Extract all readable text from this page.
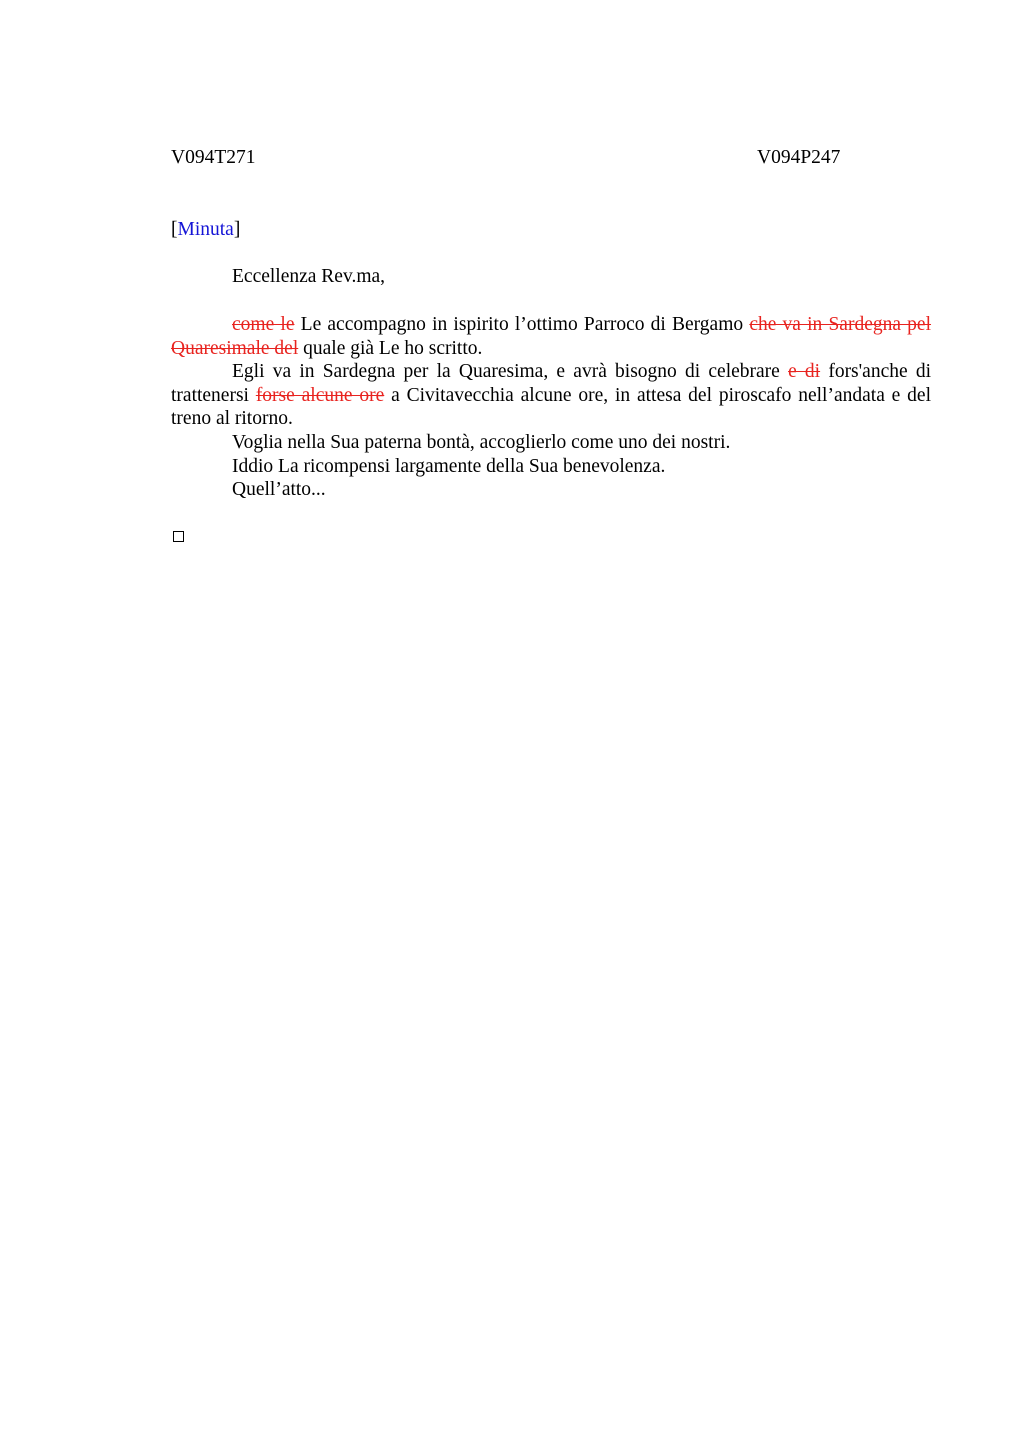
V094T271	V094P247
[Minuta]
Eccellenza Rev.ma,

come le Le accompagno in ispirito l’ottimo Parroco di Bergamo che va in Sardegna pel Quaresimale del quale già Le ho scritto.

Egli va in Sardegna per la Quaresima, e avrà bisogno di celebrare e di fors'anche di trattenersi forse alcune ore a Civitavecchia alcune ore, in attesa del piroscafo nell’andata e del treno al ritorno.

Voglia nella Sua paterna bontà, accoglierlo come uno dei nostri.

Iddio La ricompensi largamente della Sua benevolenza.

Quell’atto...
